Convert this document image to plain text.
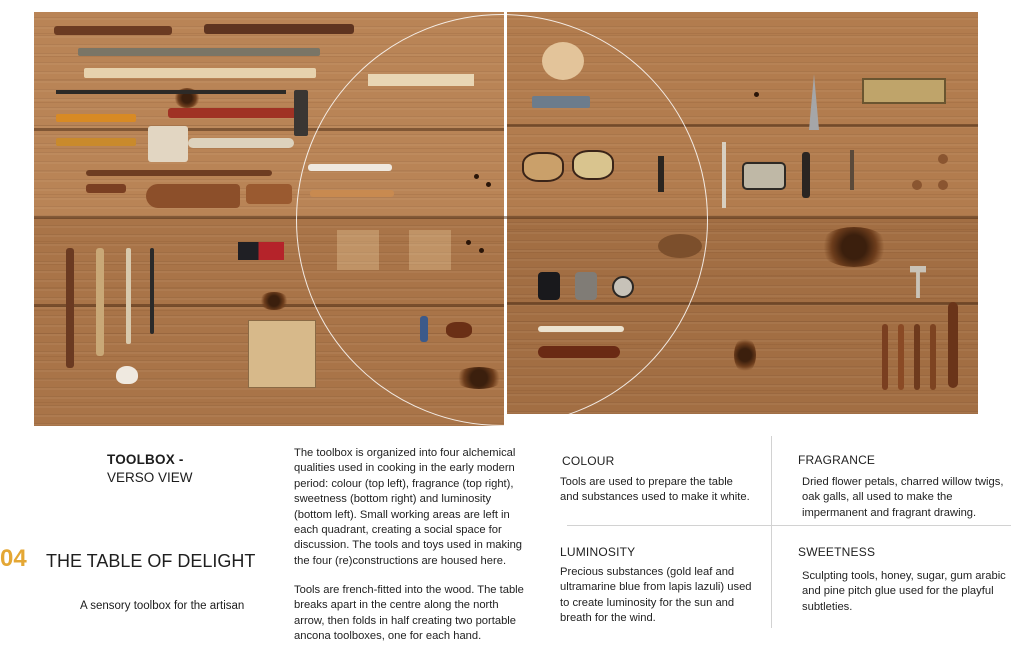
TOOLBOX -
VERSO VIEW
04 THE TABLE OF DELIGHT
A sensory toolbox for the artisan
The toolbox is organized into four alchemical
qualities used in cooking in the early modern
period: colour (top left), fragrance (top right),
sweetness (bottom right) and luminosity
(bottom left). Small working areas are left in
each quadrant, creating a social space for
discussion. The tools and toys used in making
the four (re)constructions are housed here.
Tools are french-fitted into the wood. The table
breaks apart in the centre along the north
arrow, then folds in half creating two portable
ancona toolboxes, one for each hand.
COLOUR
Tools are used to prepare the table
and substances used to make it white.
FRAGRANCE
Dried flower petals, charred willow twigs,
oak galls, all used to make the
impermanent and fragrant drawing.
LUMINOSITY
Precious substances (gold leaf and
ultramarine blue from lapis lazuli) used
to create luminosity for the sun and
breath for the wind.
SWEETNESS
Sculpting tools, honey, sugar, gum arabic
and pine pitch glue used for the playful
subtleties.
